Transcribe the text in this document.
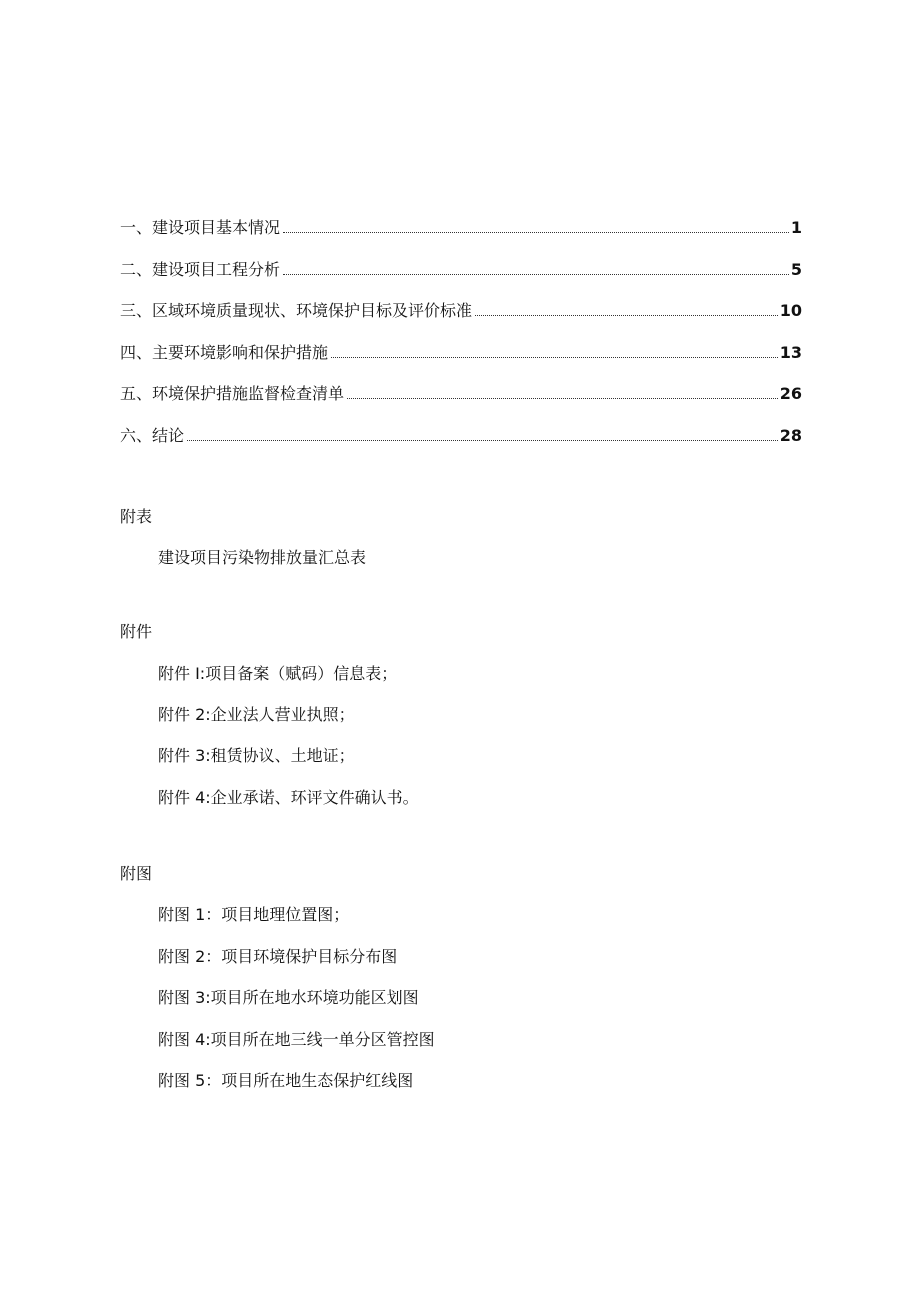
一、建设项目基本情况	1
二、建设项目工程分析	5
三、区域环境质量现状、环境保护目标及评价标准	10
四、主要环境影响和保护措施	13
五、环境保护措施监督检查清单	26
六、结论	28
附表
建设项目污染物排放量汇总表
附件
附件 I:项目备案（赋码）信息表；
附件 2:企业法人营业执照；
附件 3:租赁协议、土地证；
附件 4:企业承诺、环评文件确认书。
附图
附图 1：项目地理位置图；
附图 2：项目环境保护目标分布图
附图 3:项目所在地水环境功能区划图
附图 4:项目所在地三线一单分区管控图
附图 5：项目所在地生态保护红线图
